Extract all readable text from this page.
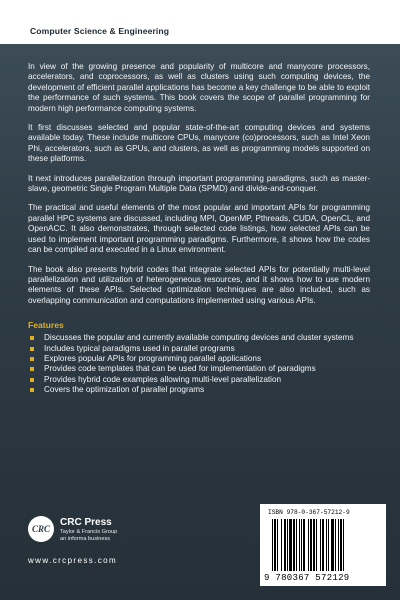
Computer Science & Engineering

In view of the growing presence and popularity of multicore and manycore processors, accelerators, and coprocessors, as well as clusters using such computing devices, the development of efficient parallel applications has become a key challenge to be able to exploit the performance of such systems. This book covers the scope of parallel programming for modern high performance computing systems.

It first discusses selected and popular state-of-the-art computing devices and systems available today. These include multicore CPUs, manycore (co)processors, such as Intel Xeon Phi, accelerators, such as GPUs, and clusters, as well as programming models supported on these platforms.

It next introduces parallelization through important programming paradigms, such as master-slave, geometric Single Program Multiple Data (SPMD) and divide-and-conquer.

The practical and useful elements of the most popular and important APIs for programming parallel HPC systems are discussed, including MPI, OpenMP, Pthreads, CUDA, OpenCL, and OpenACC. It also demonstrates, through selected code listings, how selected APIs can be used to implement important programming paradigms. Furthermore, it shows how the codes can be compiled and executed in a Linux environment.

The book also presents hybrid codes that integrate selected APIs for potentially multi-level parallelization and utilization of heterogeneous resources, and it shows how to use modern elements of these APIs. Selected optimization techniques are also included, such as overlapping communication and computations implemented using various APIs.

Features
Discusses the popular and currently available computing devices and cluster systems
Includes typical paradigms used in parallel programs
Explores popular APIs for programming parallel applications
Provides code templates that can be used for implementation of paradigms
Provides hybrid code examples allowing multi-level parallelization
Covers the optimization of parallel programs
CRC
CRC Press
Taylor & Francis Group
an informa business
www.crcpress.com
ISBN 978-0-367-57212-9
9 780367 572129
